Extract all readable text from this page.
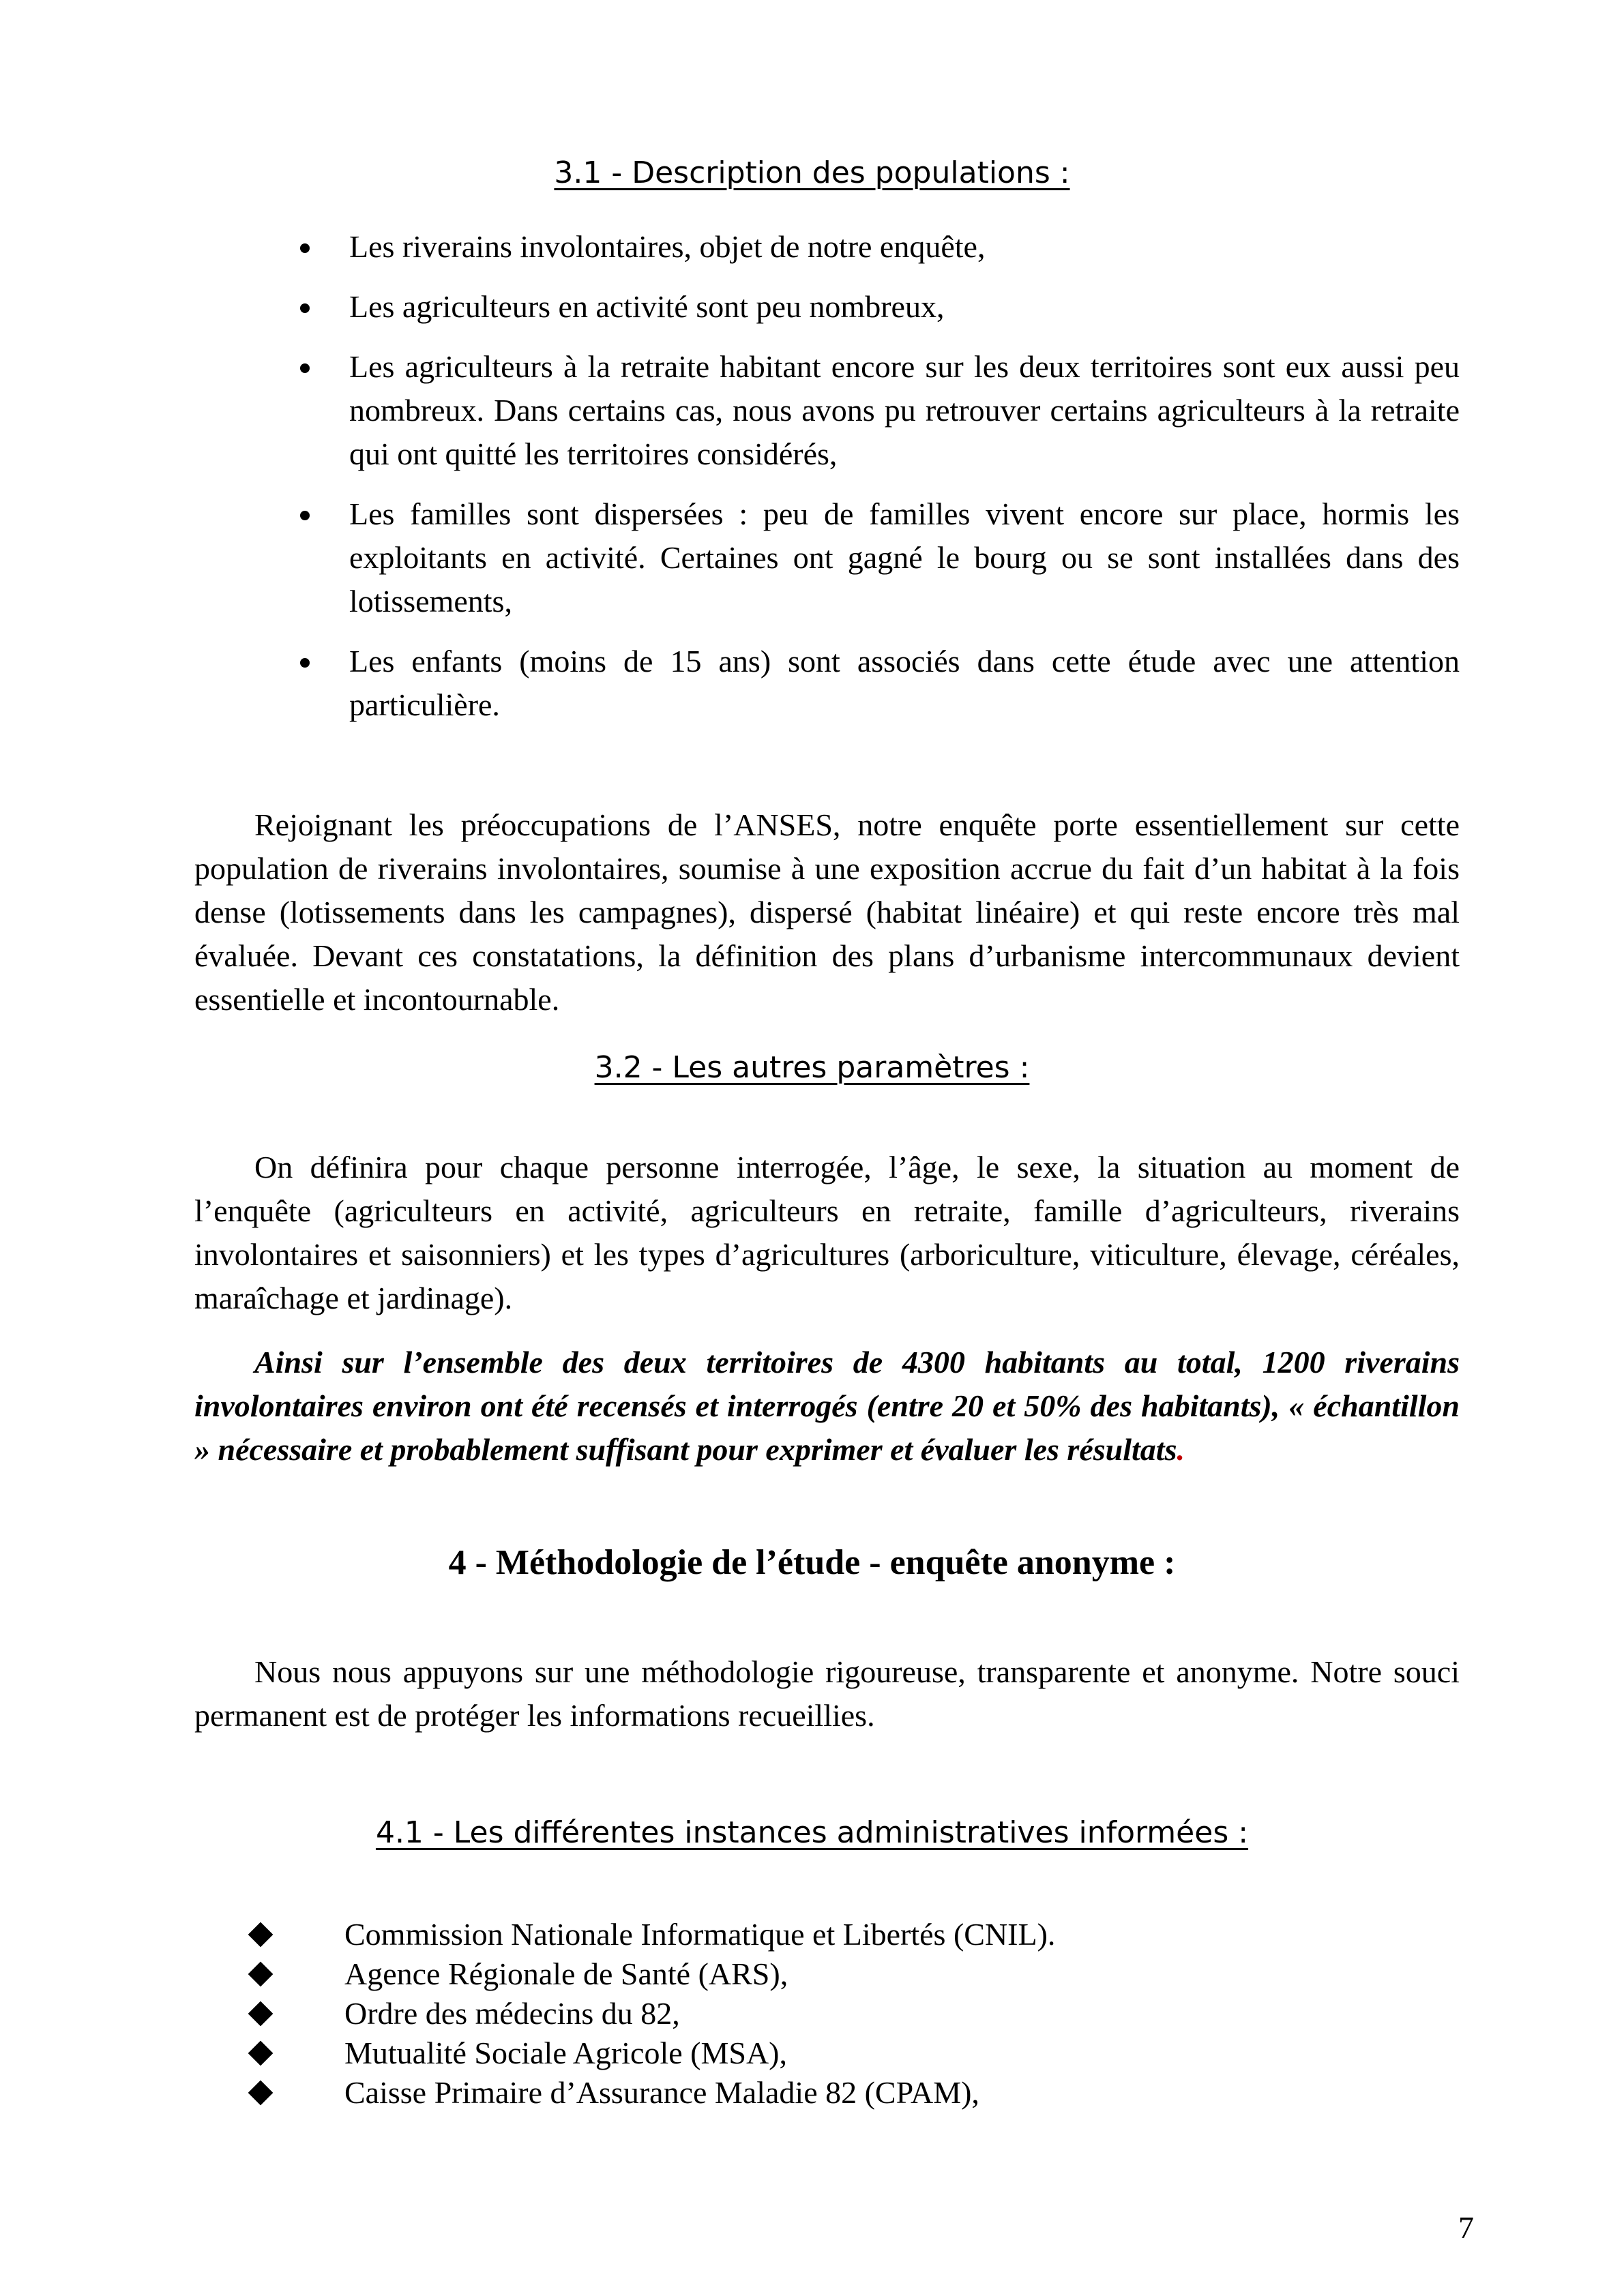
3.1 - Description des populations :
Les riverains involontaires, objet de notre enquête,
Les agriculteurs en activité sont peu nombreux,
Les agriculteurs à la retraite habitant encore sur les deux territoires sont eux aussi peu nombreux. Dans certains cas, nous avons pu retrouver certains agriculteurs à la retraite qui ont quitté les territoires considérés,
Les familles sont dispersées : peu de familles vivent encore sur place, hormis les exploitants en activité. Certaines ont gagné le bourg ou se sont installées dans des lotissements,
Les enfants (moins de 15 ans) sont associés dans cette étude avec une attention particulière.
Rejoignant les préoccupations de l’ANSES, notre enquête porte essentiellement sur cette population de riverains involontaires, soumise à une exposition accrue du fait d’un habitat à la fois dense (lotissements dans les campagnes), dispersé (habitat linéaire) et qui reste encore très mal évaluée. Devant ces constatations, la définition des plans d’urbanisme intercommunaux devient essentielle et incontournable.
3.2 - Les autres paramètres :
On définira pour chaque personne interrogée, l’âge, le sexe, la situation au moment de l’enquête (agriculteurs en activité, agriculteurs en retraite, famille d’agriculteurs, riverains involontaires et saisonniers) et les types d’agricultures (arboriculture, viticulture, élevage, céréales, maraîchage et jardinage).
Ainsi sur l’ensemble des deux territoires de 4300 habitants au total, 1200 riverains involontaires environ ont été recensés et interrogés (entre 20 et 50% des habitants), « échantillon » nécessaire et probablement suffisant pour exprimer et évaluer les résultats.
4 - Méthodologie de l’étude - enquête anonyme :
Nous nous appuyons sur une méthodologie rigoureuse, transparente et anonyme. Notre souci permanent est de protéger les informations recueillies.
4.1 - Les différentes instances administratives informées :
Commission Nationale Informatique et Libertés (CNIL).
Agence Régionale de Santé (ARS),
Ordre des médecins du 82,
Mutualité Sociale Agricole (MSA),
Caisse Primaire d’Assurance Maladie 82 (CPAM),
7
